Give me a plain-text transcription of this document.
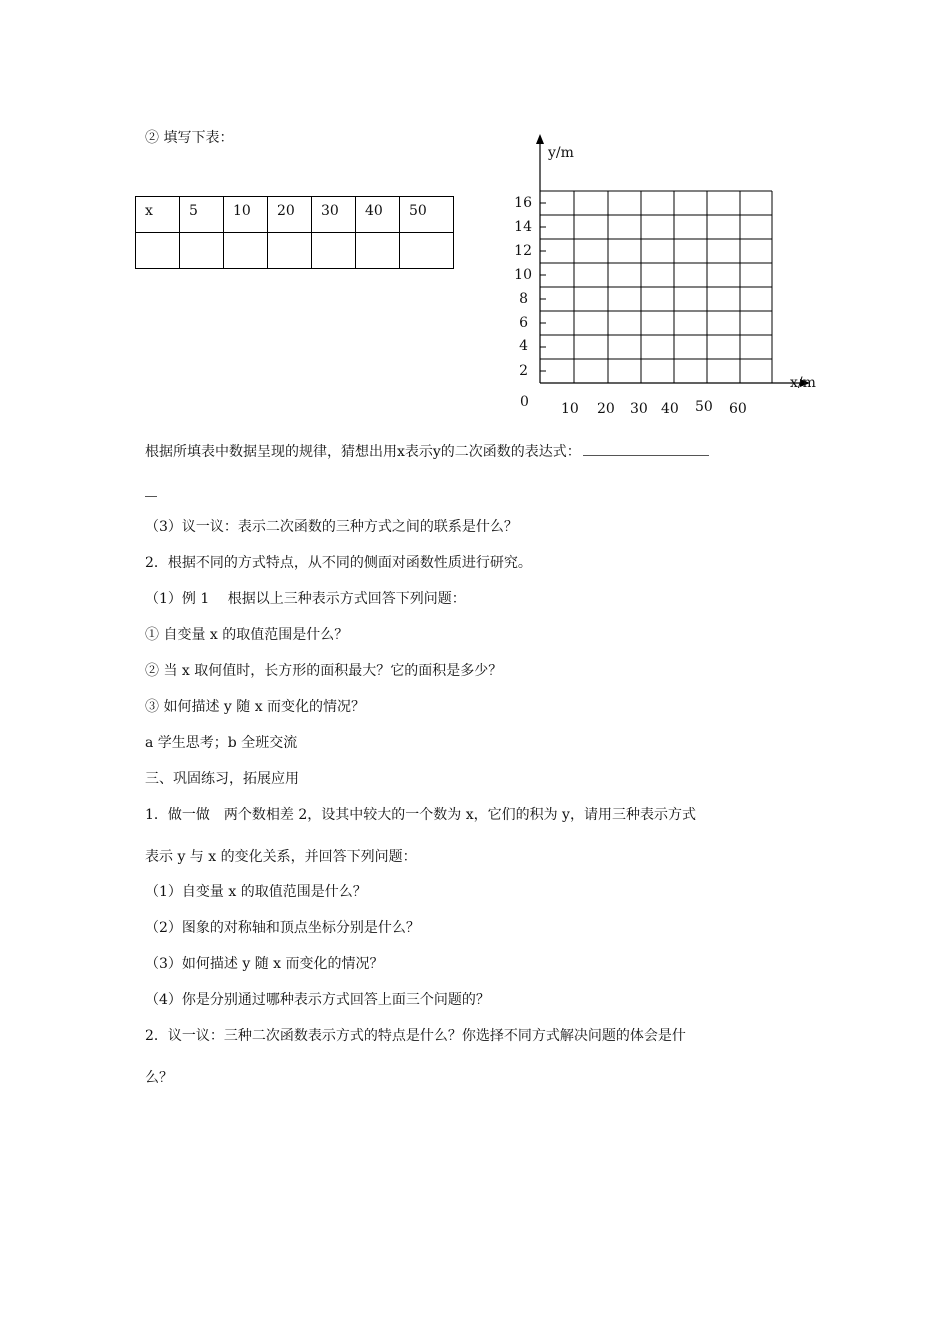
② 填写下表：
x	5	10	20	30	40	50

y/m
x/m
0
16
14
12
10
8
6
4
2
10 20 30 40 50 60
根据所填表中数据呈现的规律，猜想出用x表示y的二次函数的表达式：
（3）议一议：表示二次函数的三种方式之间的联系是什么？
2．根据不同的方式特点，从不同的侧面对函数性质进行研究。
（1）例 1　 根据以上三种表示方式回答下列问题：
① 自变量 x 的取值范围是什么？
② 当 x 取何值时，长方形的面积最大？它的面积是多少？
③ 如何描述 y 随 x 而变化的情况？
a 学生思考；b 全班交流
三、巩固练习，拓展应用
1．做一做　两个数相差 2，设其中较大的一个数为 x，它们的积为 y，请用三种表示方式
表示 y 与 x 的变化关系，并回答下列问题：
（1）自变量 x 的取值范围是什么？
（2）图象的对称轴和顶点坐标分别是什么？
（3）如何描述 y 随 x 而变化的情况？
（4）你是分别通过哪种表示方式回答上面三个问题的？
2．议一议：三种二次函数表示方式的特点是什么？你选择不同方式解决问题的体会是什
么？
